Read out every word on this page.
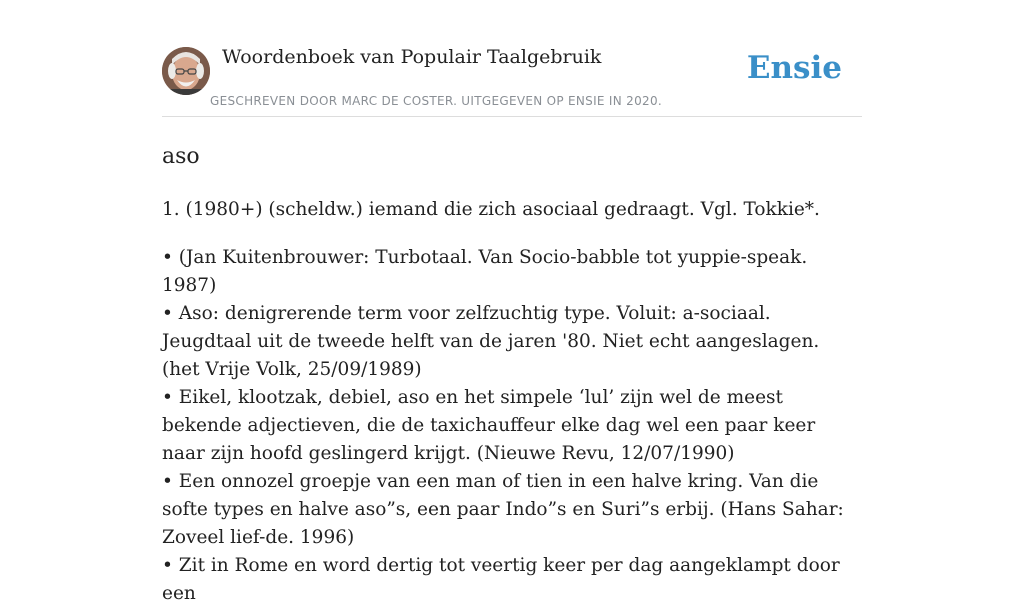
Woordenboek van Populair Taalgebruik
GESCHREVEN DOOR MARC DE COSTER. UITGEGEVEN OP ENSIE IN 2020.
Ensie
aso

1. (1980+) (scheldw.) iemand die zich asociaal gedraagt. Vgl. Tokkie*.

• (Jan Kuitenbrouwer: Turbotaal. Van Socio-babble tot yuppie-speak. 1987)
• Aso: denigrerende term voor zelfzuchtig type. Voluit: a-sociaal. Jeugdtaal uit de tweede helft van de jaren '80. Niet echt aangeslagen. (het Vrije Volk, 25/09/1989)
• Eikel, klootzak, debiel, aso en het simpele ‘lul’ zijn wel de meest bekende adjectieven, die de taxichauffeur elke dag wel een paar keer naar zijn hoofd geslingerd krijgt. (Nieuwe Revu, 12/07/1990)
• Een onnozel groepje van een man of tien in een halve kring. Van die softe types en halve aso”s, een paar Indo”s en Suri”s erbij. (Hans Sahar: Zoveel lief-de. 1996)
• Zit in Rome en word dertig tot veertig keer per dag aangeklampt door een
